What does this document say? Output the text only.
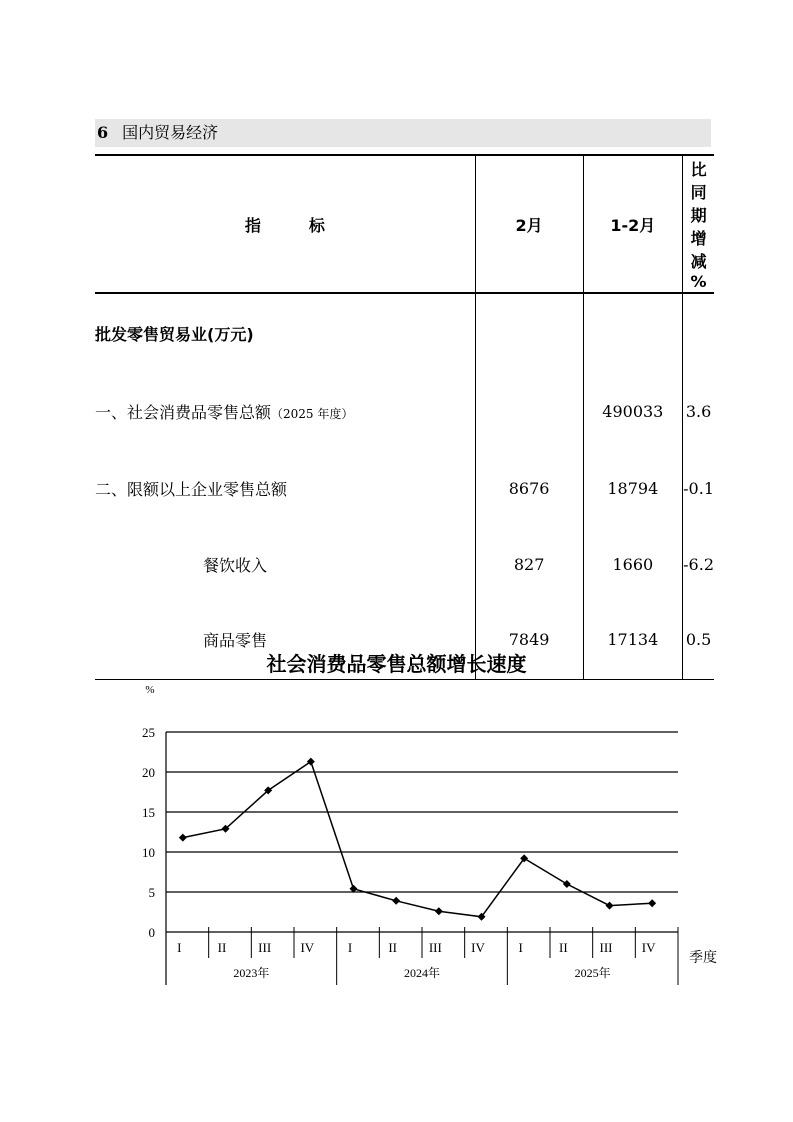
6 国内贸易经济
指　　　标	2月	1-2月	比同期增减 %
批发零售贸易业(万元)			
一、社会消费品零售总额（2025 年度）		490033	3.6
二、限额以上企业零售总额	8676	18794	-0.1
餐饮收入	827	1660	-6.2
商品零售	7849	17134	0.5
社会消费品零售总额增长速度
0
5
10
15
20
25
%
I	II III IV	I	II III IV	I	II III IV
2023年	2024年	2025年
季度
